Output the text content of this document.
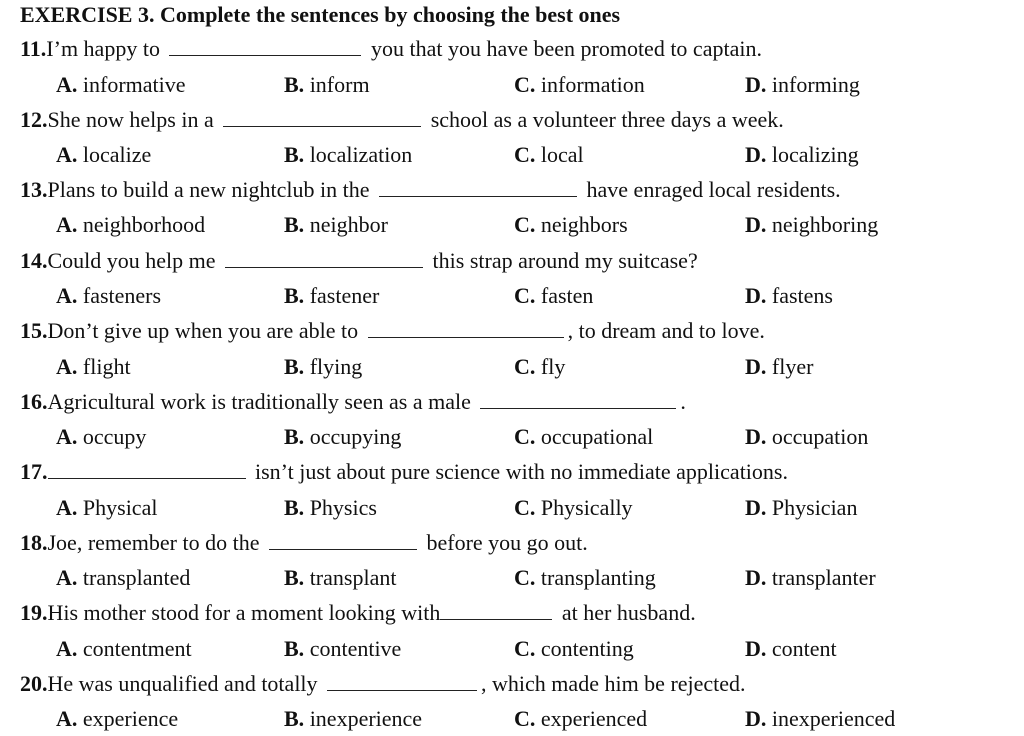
EXERCISE 3. Complete the sentences by choosing the best ones
11. I’m happy to	you that you have been promoted to captain.
A. informative	B. inform	C. information	D. informing
12. She now helps in a	school as a volunteer three days a week.
A. localize	B. localization	C. local	D. localizing
13. Plans to build a new nightclub in the	have enraged local residents.
A. neighborhood	B. neighbor	C. neighbors	D. neighboring
14. Could you help me	this strap around my suitcase?
A. fasteners	B. fastener	C. fasten	D. fastens
15. Don’t give up when you are able to	, to dream and to love.
A. flight	B. flying	C. fly	D. flyer
16. Agricultural work is traditionally seen as a male	.
A. occupy	B. occupying	C. occupational	D. occupation
17.	isn’t just about pure science with no immediate applications.
A. Physical	B. Physics	C. Physically	D. Physician
18. Joe, remember to do the	before you go out.
A. transplanted	B. transplant	C. transplanting	D. transplanter
19. His mother stood for a moment looking with	at her husband.
A. contentment	B. contentive	C. contenting	D. content
20. He was unqualified and totally	, which made him be rejected.
A. experience	B. inexperience	C. experienced	D. inexperienced
